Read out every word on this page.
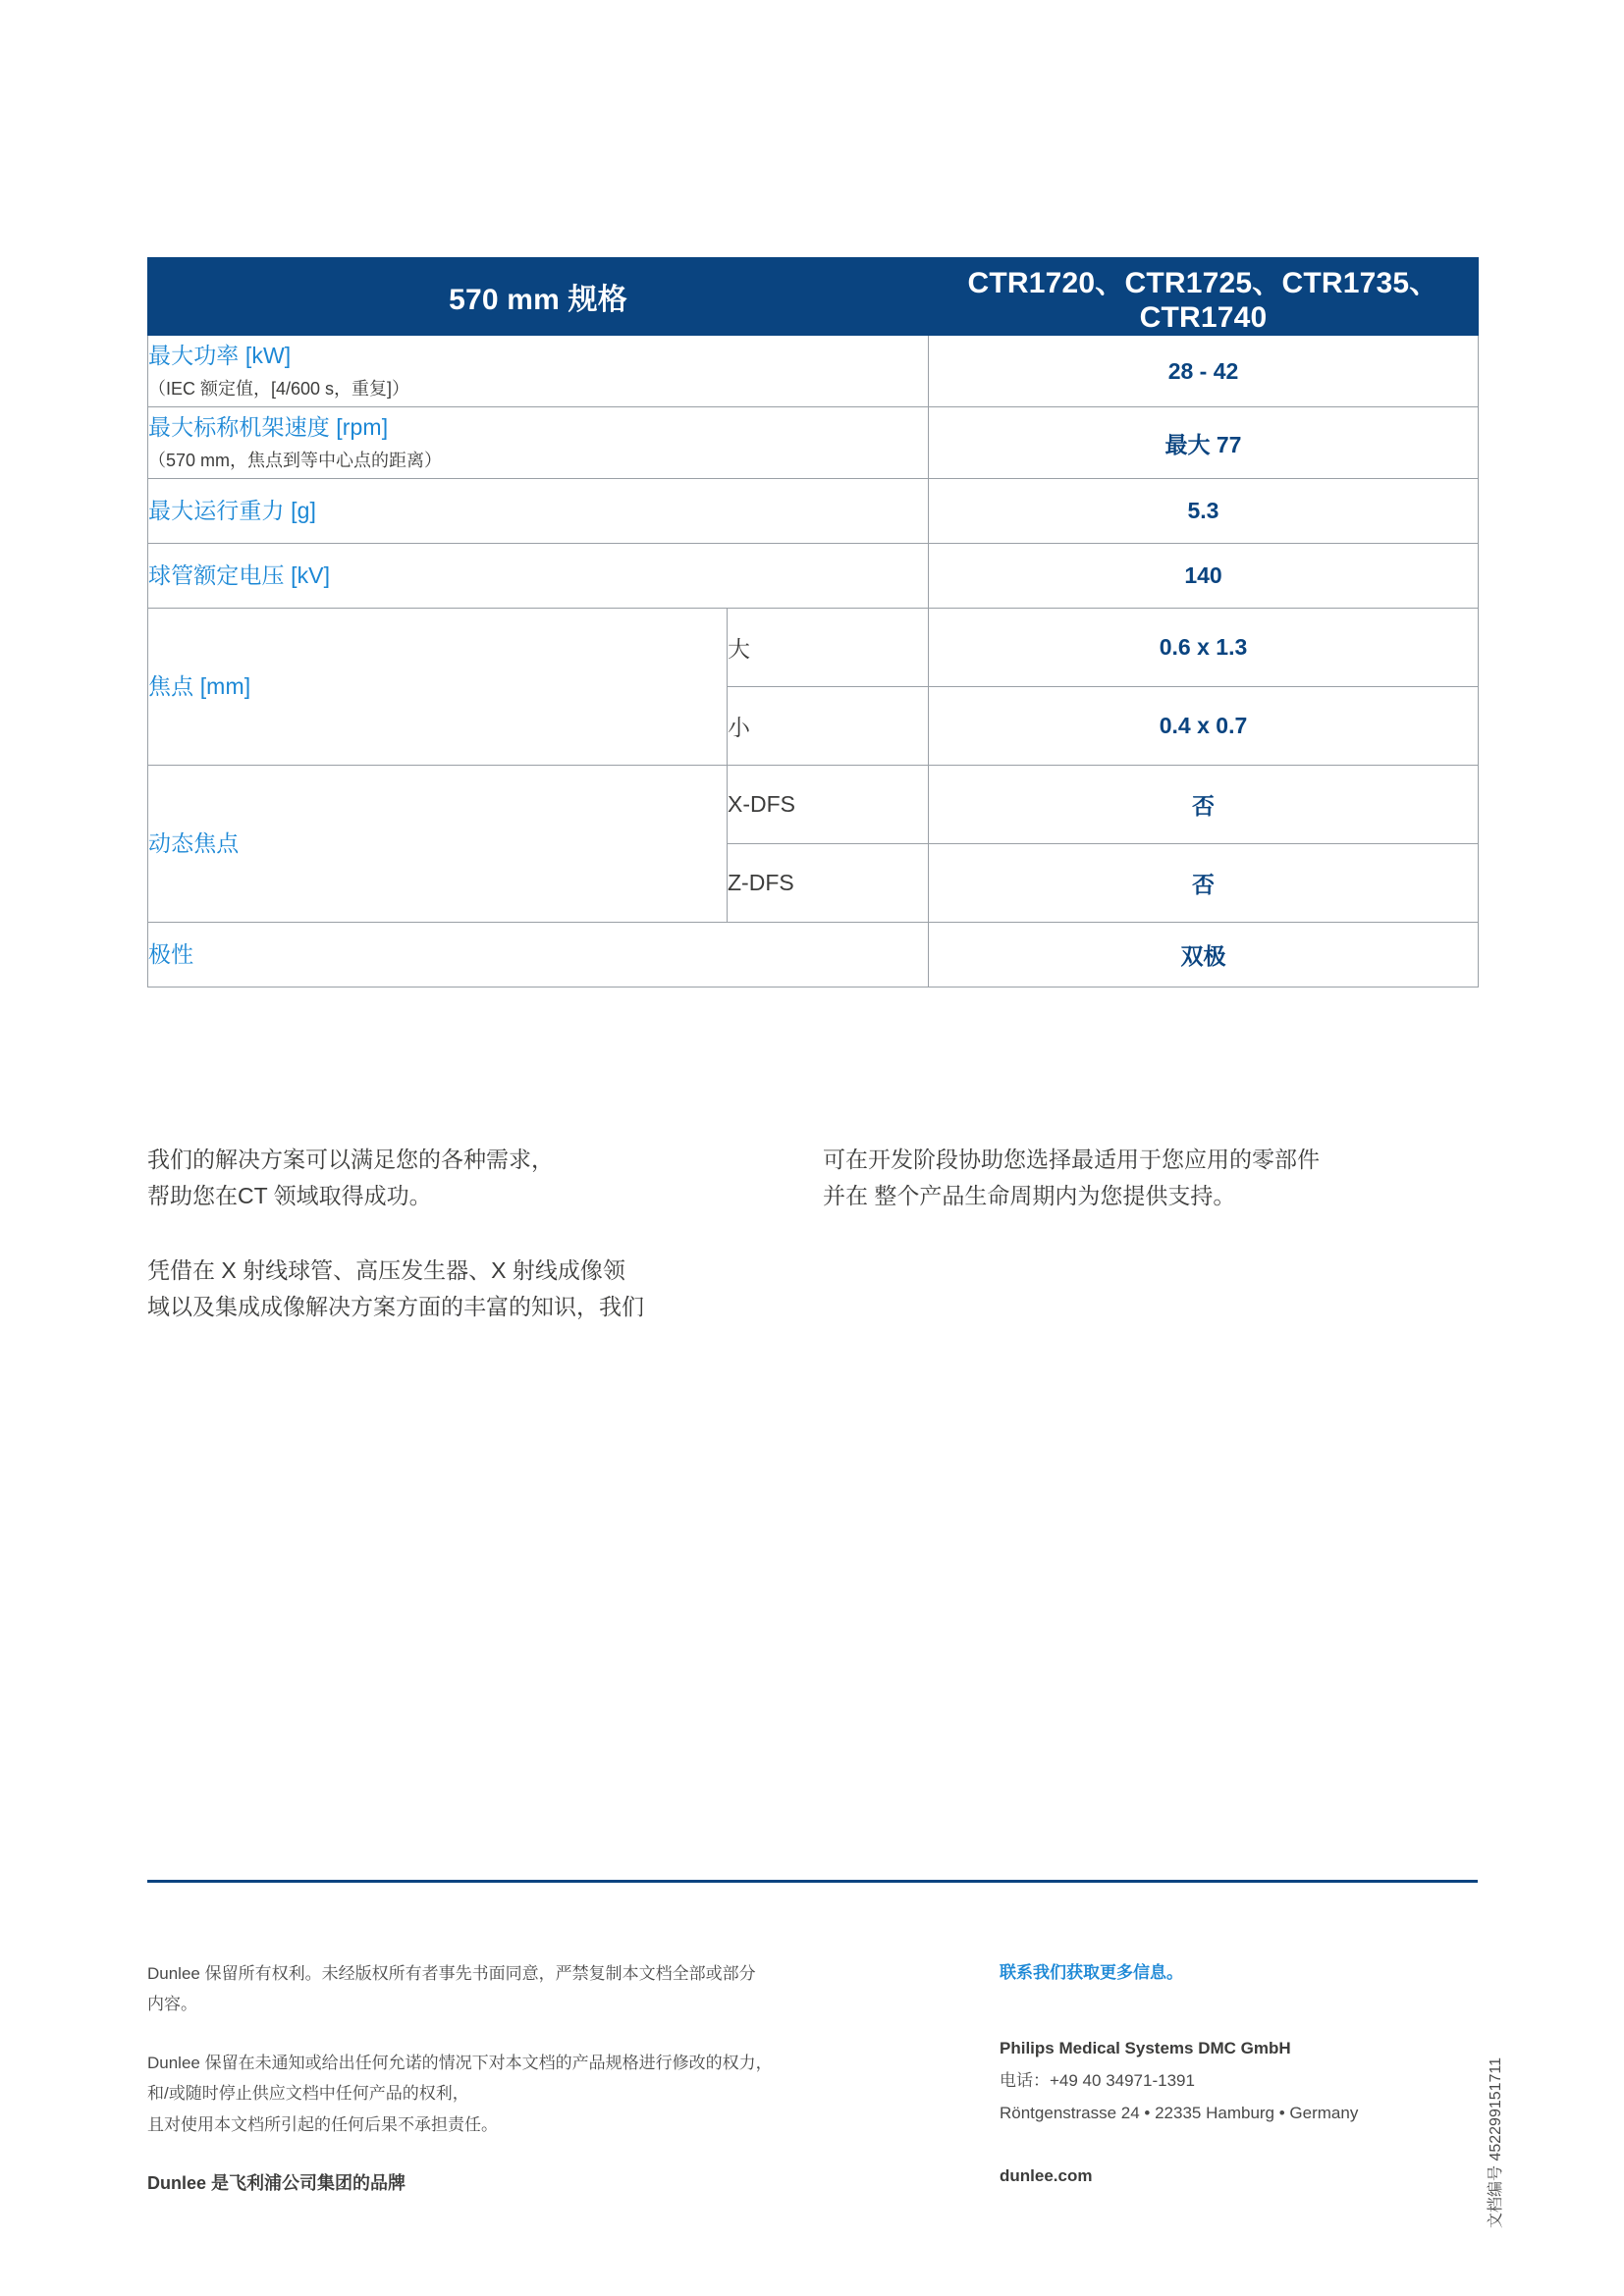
570 mm 规格		CTR1720、CTR1725、CTR1735、CTR1740

最大功率 [kW]
（IEC 额定值，[4/600 s，重复]）		28 - 42

最大标称机架速度 [rpm]
（570 mm，焦点到等中心点的距离）		最大 77

最大运行重力 [g]		5.3

球管额定电压 [kV]		140

焦点 [mm]	大	0.6 x 1.3
	小	0.4 x 0.7

动态焦点	X-DFS	否
	Z-DFS	否

极性		双极

我们的解决方案可以满足您的各种需求，
帮助您在CT 领域取得成功。

凭借在 X 射线球管、高压发生器、X 射线成像领
域以及集成成像解决方案方面的丰富的知识，我们

可在开发阶段协助您选择最适用于您应用的零部件
并在 整个产品生命周期内为您提供支持。

Dunlee 保留所有权利。未经版权所有者事先书面同意，严禁复制本文档全部或部分
内容。

Dunlee 保留在未通知或给出任何允诺的情况下对本文档的产品规格进行修改的权力，
和/或随时停止供应文档中任何产品的权利，
且对使用本文档所引起的任何后果不承担责任。

Dunlee 是飞利浦公司集团的品牌

联系我们获取更多信息。

Philips Medical Systems DMC GmbH

电话：+49 40 34971-1391

Röntgenstrasse 24 • 22335 Hamburg • Germany

dunlee.com	文档编号 452299151711
